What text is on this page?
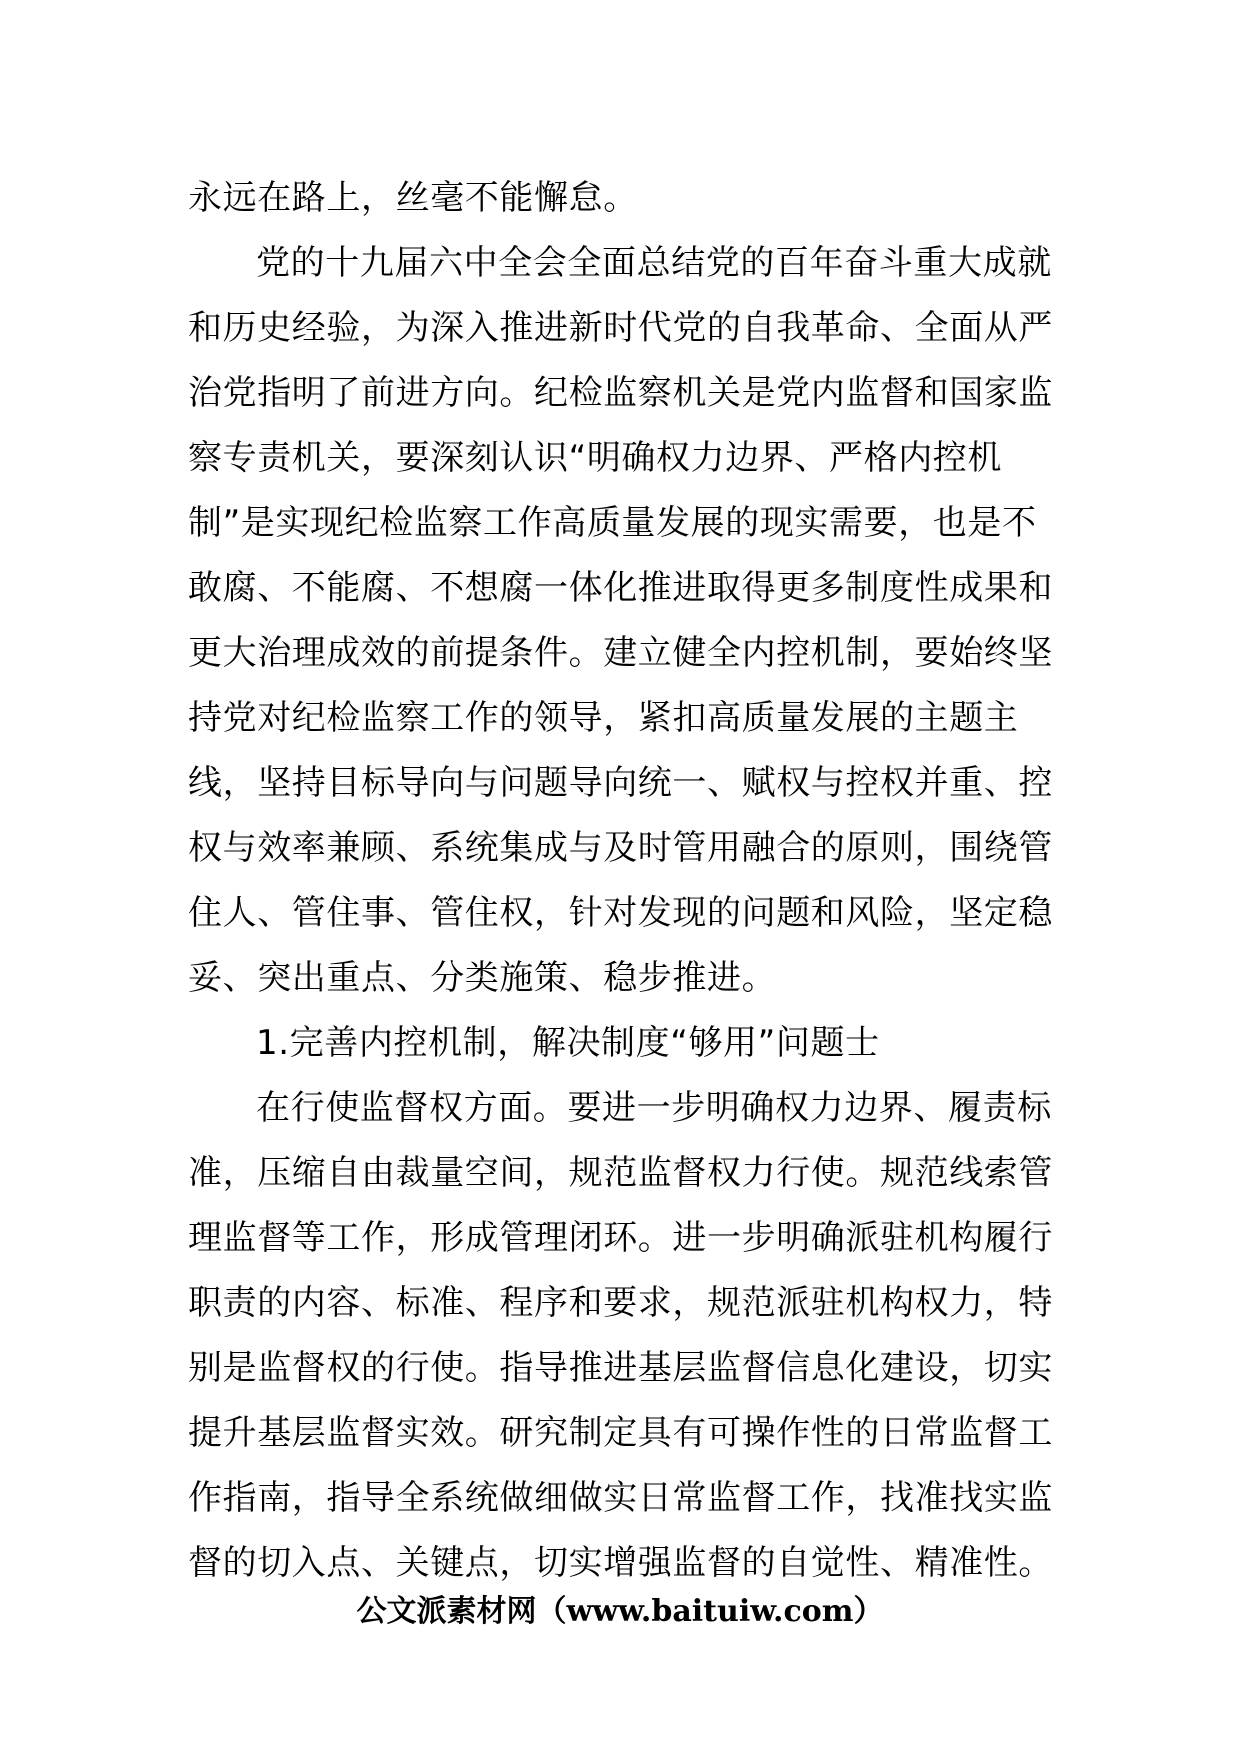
永远在路上，丝毫不能懈怠。
党的十九届六中全会全面总结党的百年奋斗重大成就
和历史经验，为深入推进新时代党的自我革命、全面从严
治党指明了前进方向。纪检监察机关是党内监督和国家监
察专责机关，要深刻认识“明确权力边界、严格内控机
制”是实现纪检监察工作高质量发展的现实需要，也是不
敢腐、不能腐、不想腐一体化推进取得更多制度性成果和
更大治理成效的前提条件。建立健全内控机制，要始终坚
持党对纪检监察工作的领导，紧扣高质量发展的主题主
线，坚持目标导向与问题导向统一、赋权与控权并重、控
权与效率兼顾、系统集成与及时管用融合的原则，围绕管
住人、管住事、管住权，针对发现的问题和风险，坚定稳
妥、突出重点、分类施策、稳步推进。
1.完善内控机制，解决制度“够用”问题士
在行使监督权方面。要进一步明确权力边界、履责标
准，压缩自由裁量空间，规范监督权力行使。规范线索管
理监督等工作，形成管理闭环。进一步明确派驻机构履行
职责的内容、标准、程序和要求，规范派驻机构权力，特
别是监督权的行使。指导推进基层监督信息化建设，切实
提升基层监督实效。研究制定具有可操作性的日常监督工
作指南，指导全系统做细做实日常监督工作，找准找实监
督的切入点、关键点，切实增强监督的自觉性、精准性。
公文派素材网（www.baituiw.com）
